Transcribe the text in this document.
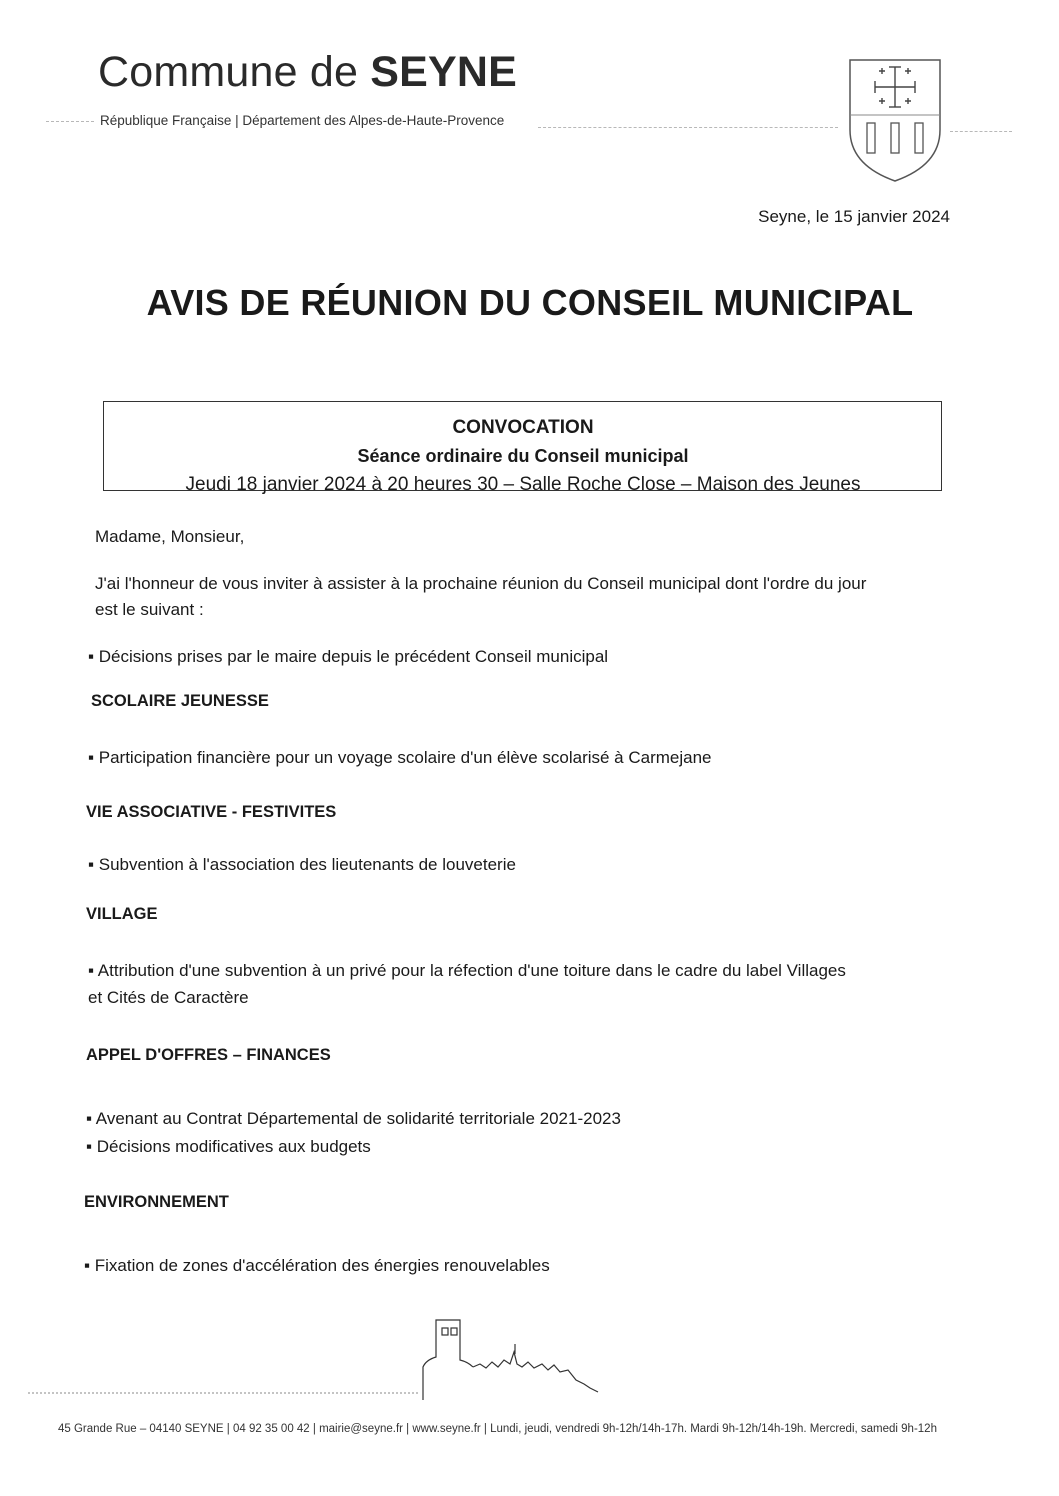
Commune de SEYNE
République Française | Département des Alpes-de-Haute-Provence
Seyne, le 15 janvier 2024
AVIS DE RÉUNION DU CONSEIL MUNICIPAL
CONVOCATION
Séance ordinaire du Conseil municipal
Jeudi 18 janvier 2024 à 20 heures 30 – Salle Roche Close – Maison des Jeunes
Madame, Monsieur,
J'ai l'honneur de vous inviter à assister à la prochaine réunion du Conseil municipal dont l'ordre du jour
est le suivant :
▪ Décisions prises par le maire depuis le précédent Conseil municipal
SCOLAIRE JEUNESSE
▪ Participation financière pour un voyage scolaire d'un élève scolarisé à Carmejane
VIE ASSOCIATIVE - FESTIVITES
▪ Subvention à l'association des lieutenants de louveterie
VILLAGE
▪ Attribution d'une subvention à un privé pour la réfection d'une toiture dans le cadre du label Villages
et Cités de Caractère
APPEL D'OFFRES – FINANCES
▪ Avenant au Contrat Départemental de solidarité territoriale 2021-2023
▪ Décisions modificatives aux budgets
ENVIRONNEMENT
▪ Fixation de zones d'accélération des énergies renouvelables
45 Grande Rue – 04140 SEYNE | 04 92 35 00 42 | mairie@seyne.fr | www.seyne.fr | Lundi, jeudi, vendredi 9h-12h/14h-17h. Mardi 9h-12h/14h-19h. Mercredi, samedi 9h-12h
